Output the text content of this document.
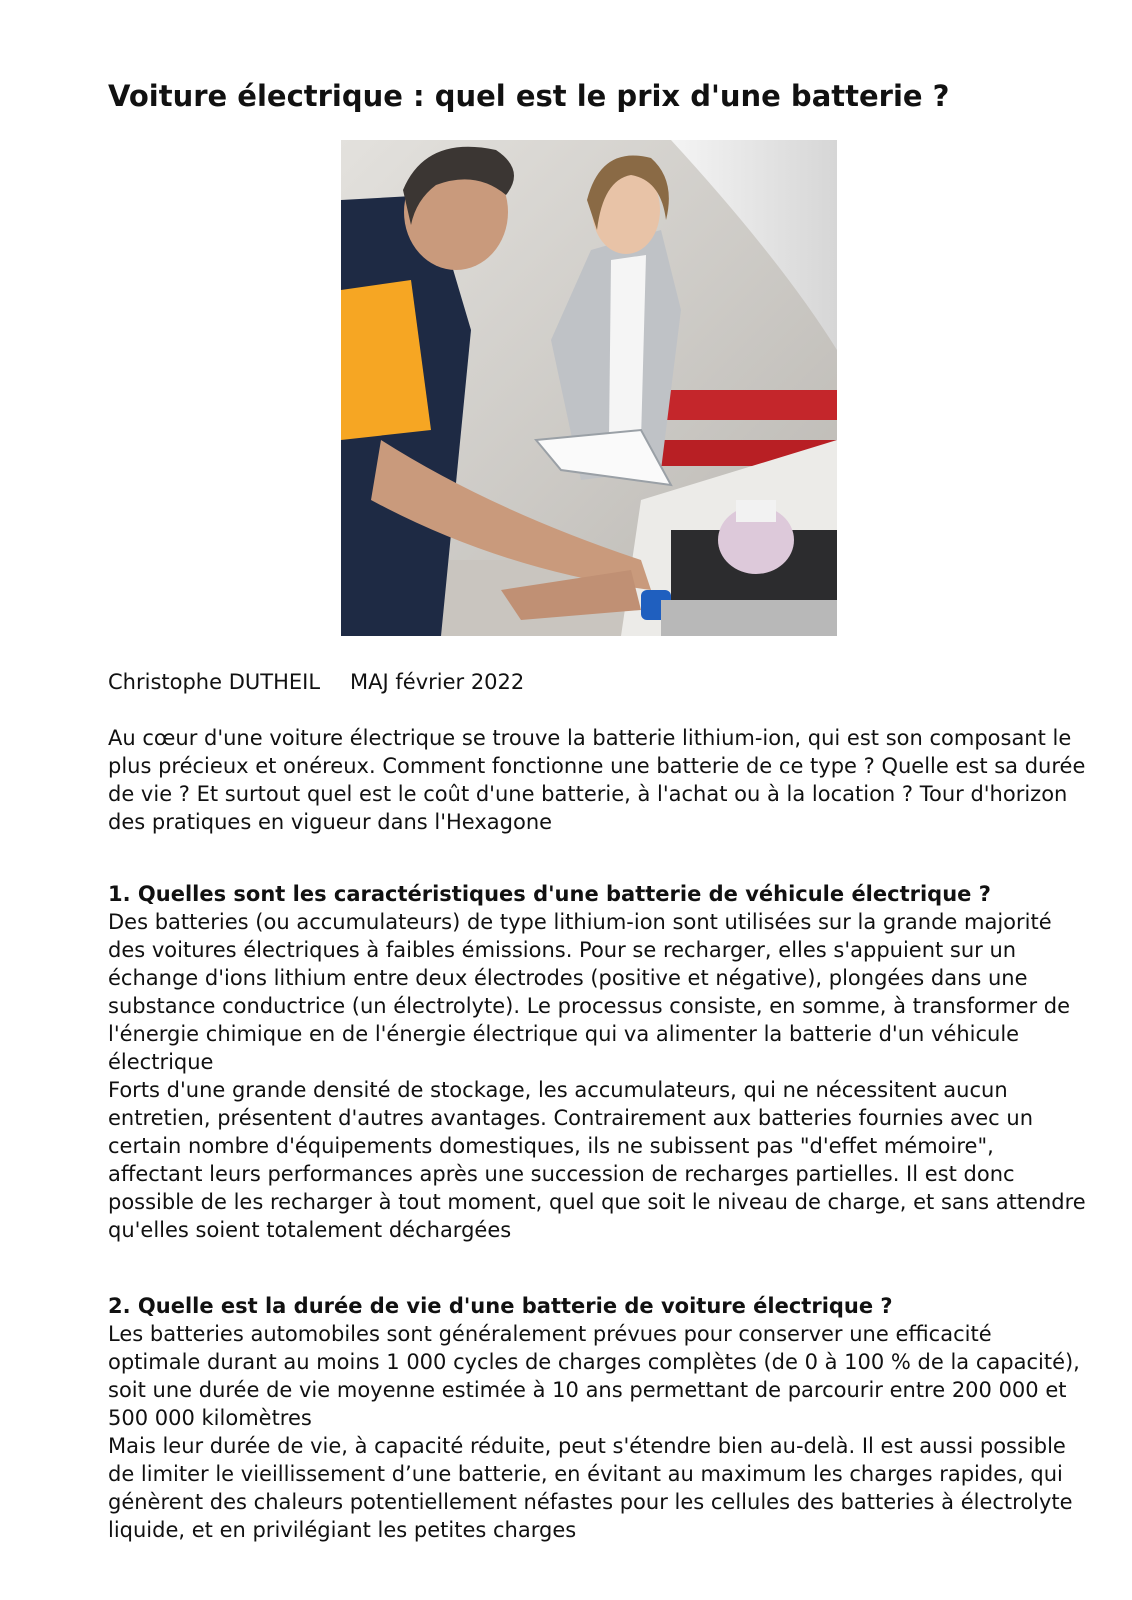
Voiture électrique : quel est le prix d'une batterie ?
Christophe DUTHEIL MAJ février 2022

Au cœur d'une voiture électrique se trouve la batterie lithium-ion, qui est son composant le plus précieux et onéreux. Comment fonctionne une batterie de ce type ? Quelle est sa durée de vie ? Et surtout quel est le coût d'une batterie, à l'achat ou à la location ? Tour d'horizon des pratiques en vigueur dans l'Hexagone

1. Quelles sont les caractéristiques d'une batterie de véhicule électrique ?

Des batteries (ou accumulateurs) de type lithium-ion sont utilisées sur la grande majorité des voitures électriques à faibles émissions. Pour se recharger, elles s'appuient sur un échange d'ions lithium entre deux électrodes (positive et négative), plongées dans une substance conductrice (un électrolyte). Le processus consiste, en somme, à transformer de l'énergie chimique en de l'énergie électrique qui va alimenter la batterie d'un véhicule électrique

Forts d'une grande densité de stockage, les accumulateurs, qui ne nécessitent aucun entretien, présentent d'autres avantages. Contrairement aux batteries fournies avec un certain nombre d'équipements domestiques, ils ne subissent pas "d'effet mémoire", affectant leurs performances après une succession de recharges partielles. Il est donc possible de les recharger à tout moment, quel que soit le niveau de charge, et sans attendre qu'elles soient totalement déchargées

2. Quelle est la durée de vie d'une batterie de voiture électrique ?

Les batteries automobiles sont généralement prévues pour conserver une efficacité optimale durant au moins 1 000 cycles de charges complètes (de 0 à 100 % de la capacité), soit une durée de vie moyenne estimée à 10 ans permettant de parcourir entre 200 000 et 500 000 kilomètres

Mais leur durée de vie, à capacité réduite, peut s'étendre bien au-delà. Il est aussi possible de limiter le vieillissement d’une batterie, en évitant au maximum les charges rapides, qui génèrent des chaleurs potentiellement néfastes pour les cellules des batteries à électrolyte liquide, et en privilégiant les petites charges
